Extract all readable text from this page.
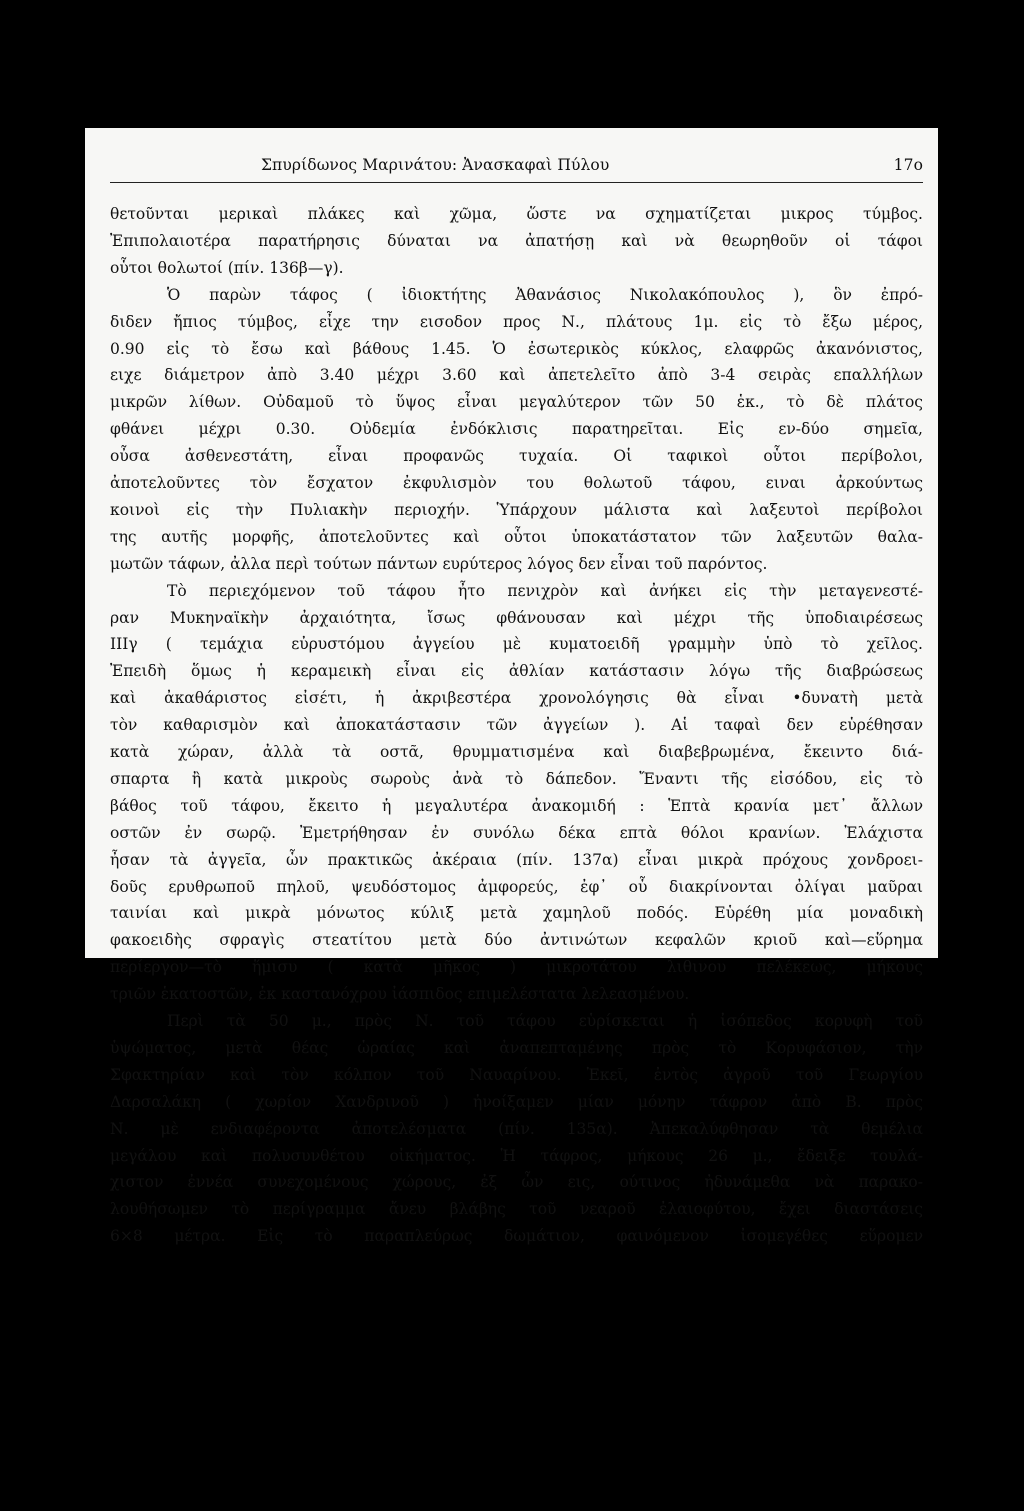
Σπυρίδωνος Μαρινάτου: Ἀνασκαφαὶ Πύλου	17ο
θετοῦνται μερικαὶ πλάκες καὶ χῶμα, ὥστε να σχηματίζεται μικρος τύμβος.
Ἐπιπολαιοτέρα παρατήρησις δύναται να ἀπατήσῃ καὶ νὰ θεωρηθοῦν οἱ τάφοι
οὗτοι θολωτοί (πίν. 136β—γ).
Ὁ παρὼν τάφος ( ἰδιοκτήτης Ἀθανάσιος Νικολακόπουλος ), ὃν ἐπρό-
διδεν ἤπιος τύμβος, εἶχε την εισοδον προς Ν., πλάτους 1μ. εἰς τὸ ἔξω μέρος,
0.90 εἰς τὸ ἔσω καὶ βάθους 1.45. Ὁ ἐσωτερικὸς κύκλος, ελαφρῶς ἀκανόνιστος,
ειχε διάμετρον ἀπὸ 3.40 μέχρι 3.60 καὶ ἀπετελεῖτο ἀπὸ 3-4 σειρὰς επαλλήλων
μικρῶν λίθων. Οὐδαμοῦ τὸ ὕψος εἶναι μεγαλύτερον τῶν 50 ἑκ., τὸ δὲ πλάτος
φθάνει μέχρι 0.30. Οὐδεμία ἐνδόκλισις παρατηρεῖται. Εἰς εν-δύο σημεῖα,
οὖσα ἀσθενεστάτη, εἶναι προφανῶς τυχαία. Οἱ ταφικοὶ οὗτοι περίβολοι,
ἀποτελοῦντες τὸν ἔσχατον ἐκφυλισμὸν του θολωτοῦ τάφου, ειναι ἀρκούντως
κοινοὶ εἰς τὴν Πυλιακὴν περιοχήν. Ὑπάρχουν μάλιστα καὶ λαξευτοὶ περίβολοι
της αυτῆς μορφῆς, ἀποτελοῦντες καὶ οὗτοι ὑποκατάστατον τῶν λαξευτῶν θαλα-
μωτῶν τάφων, ἀλλα περὶ τούτων πάντων ευρύτερος λόγος δεν εἶναι τοῦ παρόντος.
Τὸ περιεχόμενον τοῦ τάφου ἦτο πενιχρὸν καὶ ἀνήκει εἰς τὴν μεταγενεστέ-
ραν Μυκηναϊκὴν ἀρχαιότητα, ἴσως φθάνουσαν καὶ μέχρι τῆς ὑποδιαιρέσεως
ΙΙΙγ ( τεμάχια εὐρυστόμου ἀγγείου μὲ κυματοειδῆ γραμμὴν ὑπὸ τὸ χεῖλος.
Ἐπειδὴ ὅμως ἡ κεραμεικὴ εἶναι εἰς ἀθλίαν κατάστασιν λόγω τῆς διαβρώσεως
καὶ ἀκαθάριστος εἰσέτι, ἡ ἀκριβεστέρα χρονολόγησις θὰ εἶναι •δυνατὴ μετὰ
τὸν καθαρισμὸν καὶ ἀποκατάστασιν τῶν ἀγγείων ). Αἱ ταφαὶ δεν εὑρέθησαν
κατὰ χώραν, ἀλλὰ τὰ οστᾶ, θρυμματισμένα καὶ διαβεβρωμένα, ἔκειντο διά-
σπαρτα ἢ κατὰ μικροὺς σωροὺς ἀνὰ τὸ δάπεδον. Ἔναντι τῆς εἰσόδου, εἰς τὸ
βάθος τοῦ τάφου, ἔκειτο ἡ μεγαλυτέρα ἀνακομιδή : Ἑπτὰ κρανία μετ᾽ ἄλλων
οστῶν ἐν σωρῷ. Ἐμετρήθησαν ἐν συνόλω δέκα επτὰ θόλοι κρανίων. Ἐλάχιστα
ἦσαν τὰ ἀγγεῖα, ὧν πρακτικῶς ἀκέραια (πίν. 137α) εἶναι μικρὰ πρόχους χονδροει-
δοῦς ερυθρωποῦ πηλοῦ, ψευδόστομος ἀμφορεύς, ἐφ᾽ οὗ διακρίνονται ὀλίγαι μαῦραι
ταινίαι καὶ μικρὰ μόνωτος κύλιξ μετὰ χαμηλοῦ ποδός. Εὑρέθη μία μοναδικὴ
φακοειδὴς σφραγὶς στεατίτου μετὰ δύο ἀντινώτων κεφαλῶν κριοῦ καὶ—εὕρημα
περίεργον—τὸ ἥμισυ ( κατὰ μῆκος ) μικροτάτου λιθινου πελέκεως, μήκους
τριῶν ἑκατοστῶν, ἐκ καστανόχρου ἰάσπιδος επιμελέστατα λελεασμένου.
Περὶ τὰ 50 μ., πρὸς Ν. τοῦ τάφου εὑρίσκεται ἡ ἰσόπεδος κορυφὴ τοῦ
ὑψώματος, μετὰ θέας ὡραίας καὶ ἀναπεπταμένης πρὸς τὸ Κορυφάσιον, τὴν
Σφακτηρίαν καὶ τὸν κόλπον τοῦ Ναυαρίνου. Ἐκεῖ, ἐντὸς ἀγροῦ τοῦ Γεωργίου
Δαρσαλάκη ( χωρίον Χανδρινοῦ ) ἠνοίξαμεν μίαν μόνην τάφρον ἀπὸ Β. πρὸς
Ν. μὲ ενδιαφέροντα ἀποτελέσματα (πίν. 135α). Ἀπεκαλύφθησαν τὰ θεμέλια
μεγάλου καὶ πολυσυνθέτου οἰκήματος. Ἡ τάφρος, μήκους 26 μ., ἔδειξε τουλά-
χιστον ἐννέα συνεχομένους χώρους, ἐξ ὧν εις, ούτινος ἠδυνάμεθα νὰ παρακο-
λουθήσωμεν τὸ περίγραμμα ἄνευ βλάβης τοῦ νεαροῦ ἐλαιοφύτου, ἔχει διαστάσεις
6×8 μέτρα. Εἰς τὸ παραπλεύρως δωμάτιον, φαινόμενον ἰσομεγέθες εὕρομεν
